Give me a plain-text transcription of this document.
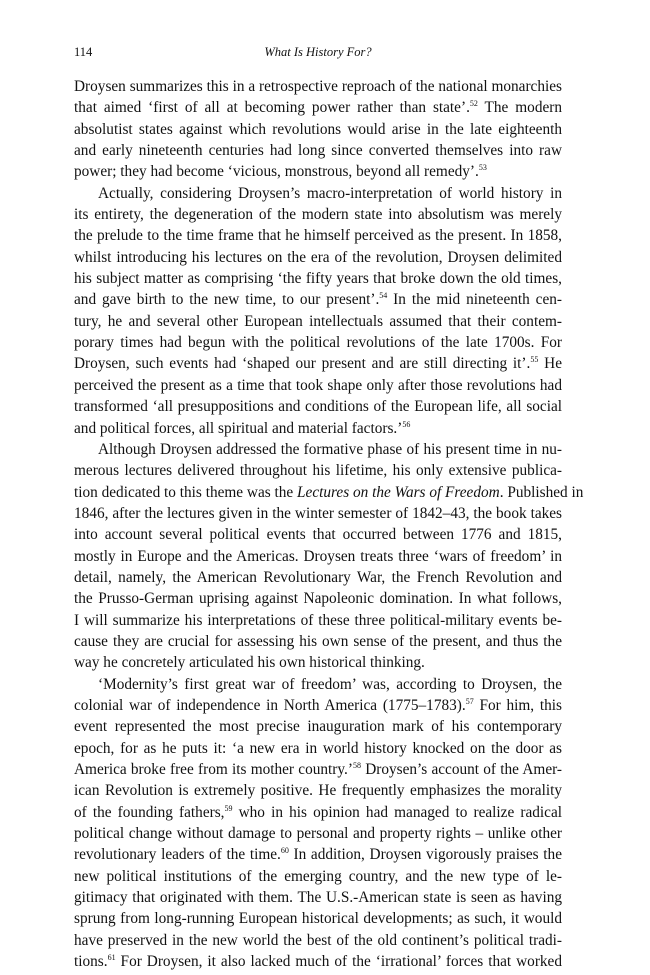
114	What Is History For?
Droysen summarizes this in a retrospective reproach of the national monarchies
that aimed ‘first of all at becoming power rather than state’.$^{52}$ The modern
absolutist states against which revolutions would arise in the late eighteenth
and early nineteenth centuries had long since converted themselves into raw
power; they had become ‘vicious, monstrous, beyond all remedy’.$^{53}$
Actually, considering Droysen’s macro-interpretation of world history in
its entirety, the degeneration of the modern state into absolutism was merely
the prelude to the time frame that he himself perceived as the present. In 1858,
whilst introducing his lectures on the era of the revolution, Droysen delimited
his subject matter as comprising ‘the fifty years that broke down the old times,
and gave birth to the new time, to our present’.$^{54}$ In the mid nineteenth cen-
tury, he and several other European intellectuals assumed that their contem-
porary times had begun with the political revolutions of the late 1700s. For
Droysen, such events had ‘shaped our present and are still directing it’.$^{55}$ He
perceived the present as a time that took shape only after those revolutions had
transformed ‘all presuppositions and conditions of the European life, all social
and political forces, all spiritual and material factors.’$^{56}$
Although Droysen addressed the formative phase of his present time in nu-
merous lectures delivered throughout his lifetime, his only extensive publica-
tion dedicated to this theme was the Lectures on the Wars of Freedom. Published in
1846, after the lectures given in the winter semester of 1842–43, the book takes
into account several political events that occurred between 1776 and 1815,
mostly in Europe and the Americas. Droysen treats three ‘wars of freedom’ in
detail, namely, the American Revolutionary War, the French Revolution and
the Prusso-German uprising against Napoleonic domination. In what follows,
I will summarize his interpretations of these three political-military events be-
cause they are crucial for assessing his own sense of the present, and thus the
way he concretely articulated his own historical thinking.
‘Modernity’s first great war of freedom’ was, according to Droysen, the
colonial war of independence in North America (1775–1783).$^{57}$ For him, this
event represented the most precise inauguration mark of his contemporary
epoch, for as he puts it: ‘a new era in world history knocked on the door as
America broke free from its mother country.’$^{58}$ Droysen’s account of the Amer-
ican Revolution is extremely positive. He frequently emphasizes the morality
of the founding fathers,$^{59}$ who in his opinion had managed to realize radical
political change without damage to personal and property rights – unlike other
revolutionary leaders of the time.$^{60}$ In addition, Droysen vigorously praises the
new political institutions of the emerging country, and the new type of le-
gitimacy that originated with them. The U.S.-American state is seen as having
sprung from long-running European historical developments; as such, it would
have preserved in the new world the best of the old continent’s political tradi-
tions.$^{61}$ For Droysen, it also lacked much of the ‘irrational’ forces that worked
